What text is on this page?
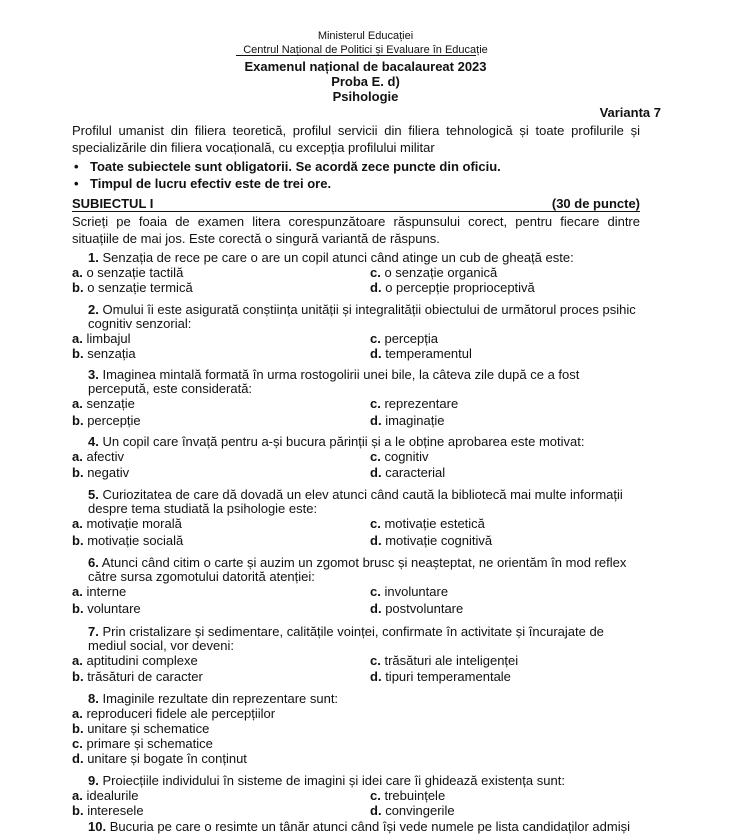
Ministerul Educației
Centrul Național de Politici și Evaluare în Educație
Examenul național de bacalaureat 2023
Proba E. d)
Psihologie
Varianta 7
Profilul umanist din filiera teoretică, profilul servicii din filiera tehnologică și toate profilurile și specializările din filiera vocațională, cu excepția profilului militar
• Toate subiectele sunt obligatorii. Se acordă zece puncte din oficiu.
• Timpul de lucru efectiv este de trei ore.
SUBIECTUL I	(30 de puncte)
Scrieți pe foaia de examen litera corespunzătoare răspunsului corect, pentru fiecare dintre situațiile de mai jos. Este corectă o singură variantă de răspuns.
1. Senzația de rece pe care o are un copil atunci când atinge un cub de gheață este:
a. o senzație tactilă	c. o senzație organică
b. o senzație termică	d. o percepție proprioceptivă
2. Omului îi este asigurată conștiința unității și integralității obiectului de următorul proces psihic
cognitiv senzorial:
a. limbajul	c. percepția
b. senzația	d. temperamentul
3. Imaginea mintală formată în urma rostogolirii unei bile, la câteva zile după ce a fost
percepută, este considerată:
a. senzație	c. reprezentare
b. percepție	d. imaginație
4. Un copil care învață pentru a-și bucura părinții și a le obține aprobarea este motivat:
a. afectiv	c. cognitiv
b. negativ	d. caracterial
5. Curiozitatea de care dă dovadă un elev atunci când caută la bibliotecă mai multe informații
despre tema studiată la psihologie este:
a. motivație morală	c. motivație estetică
b. motivație socială	d. motivație cognitivă
6. Atunci când citim o carte și auzim un zgomot brusc și neașteptat, ne orientăm în mod reflex
către sursa zgomotului datorită atenției:
a. interne	c. involuntare
b. voluntare	d. postvoluntare
7. Prin cristalizare și sedimentare, calitățile voinței, confirmate în activitate și încurajate de
mediul social, vor deveni:
a. aptitudini complexe	c. trăsături ale inteligenței
b. trăsături de caracter	d. tipuri temperamentale
8. Imaginile rezultate din reprezentare sunt:
a. reproduceri fidele ale percepțiilor
b. unitare și schematice
c. primare și schematice
d. unitare și bogate în conținut
9. Proiecțiile individului în sisteme de imagini și idei care îi ghidează existența sunt:
a. idealurile	c. trebuințele
b. interesele	d. convingerile
10. Bucuria pe care o resimte un tânăr atunci când își vede numele pe lista candidaților admiși
